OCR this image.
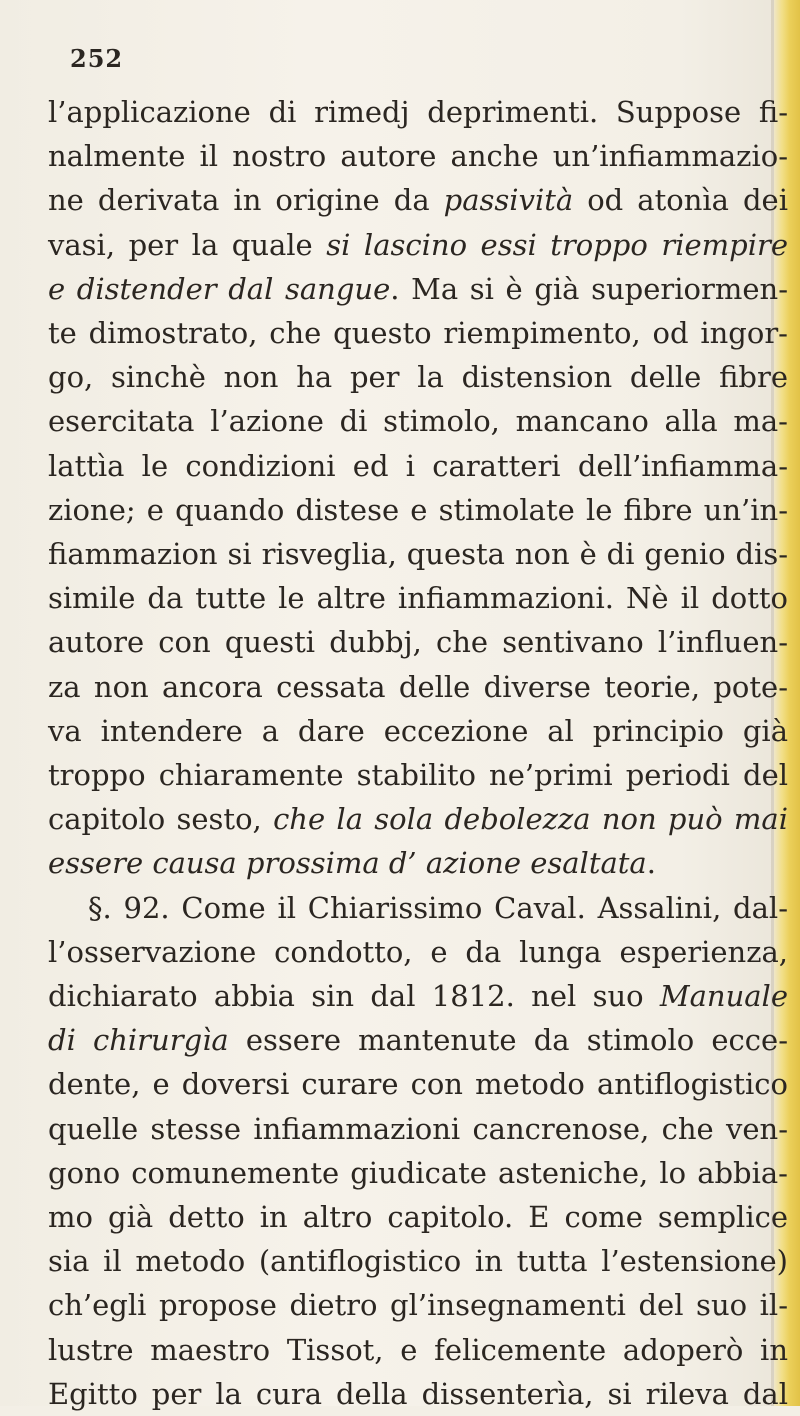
252
l’applicazione di rimedj deprimenti. Suppose fi-
nalmente il nostro autore anche un’infiammazio-
ne derivata in origine da passività od atonìa dei
vasi, per la quale si lascino essi troppo riempire
e distender dal sangue. Ma si è già superiormen-
te dimostrato, che questo riempimento, od ingor-
go, sinchè non ha per la distension delle fibre
esercitata l’azione di stimolo, mancano alla ma-
lattìa le condizioni ed i caratteri dell’infiamma-
zione; e quando distese e stimolate le fibre un’in-
fiammazion si risveglia, questa non è di genio dis-
simile da tutte le altre infiammazioni. Nè il dotto
autore con questi dubbj, che sentivano l’influen-
za non ancora cessata delle diverse teorie, pote-
va intendere a dare eccezione al principio già
troppo chiaramente stabilito ne’primi periodi del
capitolo sesto, che la sola debolezza non può mai
essere causa prossima d’ azione esaltata.
§. 92. Come il Chiarissimo Caval. Assalini, dal-
l’osservazione condotto, e da lunga esperienza,
dichiarato abbia sin dal 1812. nel suo Manuale
di chirurgìa essere mantenute da stimolo ecce-
dente, e doversi curare con metodo antiflogistico
quelle stesse infiammazioni cancrenose, che ven-
gono comunemente giudicate asteniche, lo abbia-
mo già detto in altro capitolo. E come semplice
sia il metodo (antiflogistico in tutta l’estensione)
ch’egli propose dietro gl’insegnamenti del suo il-
lustre maestro Tissot, e felicemente adoperò in
Egitto per la cura della dissenterìa, si rileva dal
